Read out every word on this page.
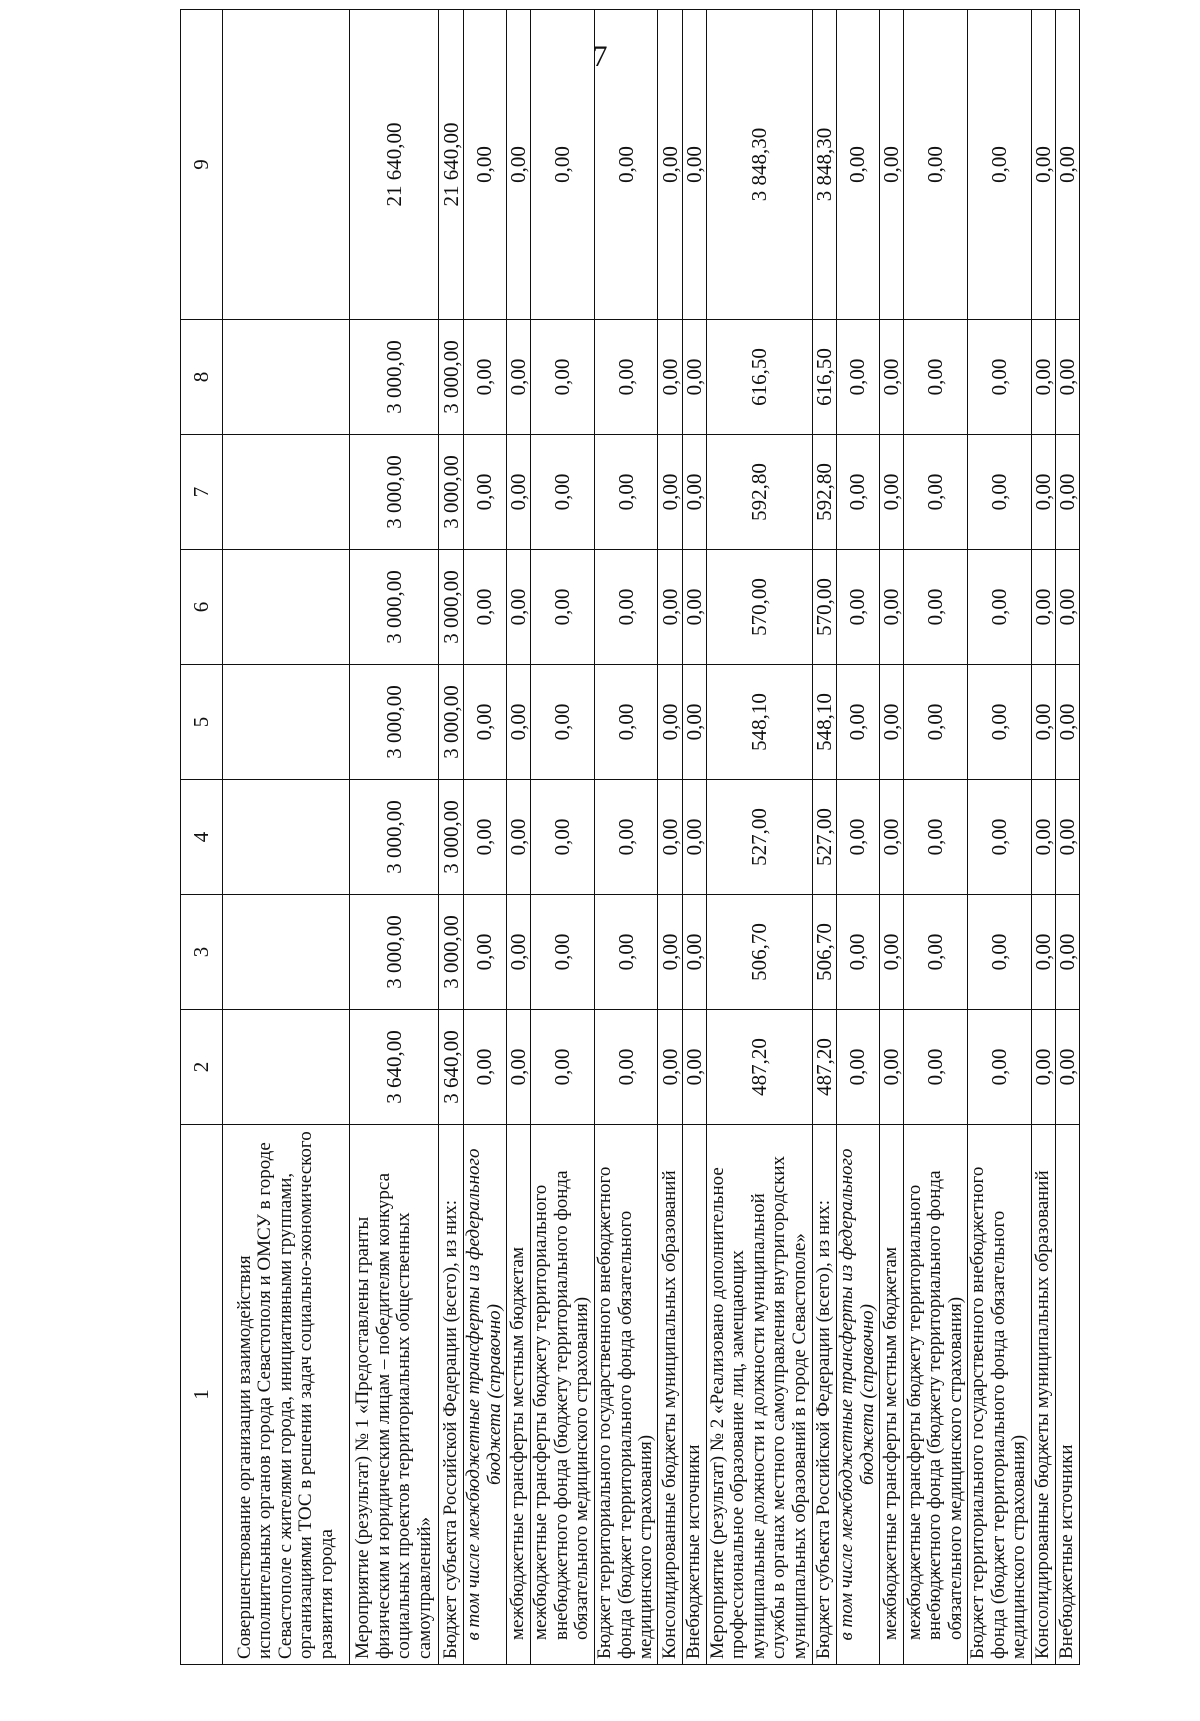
7
1	2	3	4	5	6	7	8	9
Совершенствование организации взаимодействия исполнительных органов города Севастополя и ОМСУ в городе Севастополе с жителями города, инициативными группами, организациями ТОС в решении задач социально-экономического развития города								
Мероприятие (результат) № 1 «Предоставлены гранты физическим и юридическим лицам – победителям конкурса социальных проектов территориальных общественных самоуправлений»	3 640,00	3 000,00	3 000,00	3 000,00	3 000,00	3 000,00	3 000,00	21 640,00
Бюджет субъекта Российской Федерации (всего), из них:	3 640,00	3 000,00	3 000,00	3 000,00	3 000,00	3 000,00	3 000,00	21 640,00
в том числе межбюджетные трансферты из федерального бюджета (справочно)	0,00	0,00	0,00	0,00	0,00	0,00	0,00	0,00
межбюджетные трансферты местным бюджетам	0,00	0,00	0,00	0,00	0,00	0,00	0,00	0,00
межбюджетные трансферты бюджету территориального внебюджетного фонда (бюджету территориального фонда обязательного медицинского страхования)	0,00	0,00	0,00	0,00	0,00	0,00	0,00	0,00
Бюджет территориального государственного внебюджетного фонда (бюджет территориального фонда обязательного медицинского страхования)	0,00	0,00	0,00	0,00	0,00	0,00	0,00	0,00
Консолидированные бюджеты муниципальных образований	0,00	0,00	0,00	0,00	0,00	0,00	0,00	0,00
Внебюджетные источники	0,00	0,00	0,00	0,00	0,00	0,00	0,00	0,00
Мероприятие (результат) № 2 «Реализовано дополнительное профессиональное образование лиц, замещающих муниципальные должности и должности муниципальной службы в органах местного самоуправления внутригородских муниципальных образований в городе Севастополе»	487,20	506,70	527,00	548,10	570,00	592,80	616,50	3 848,30
Бюджет субъекта Российской Федерации (всего), из них:	487,20	506,70	527,00	548,10	570,00	592,80	616,50	3 848,30
в том числе межбюджетные трансферты из федерального бюджета (справочно)	0,00	0,00	0,00	0,00	0,00	0,00	0,00	0,00
межбюджетные трансферты местным бюджетам	0,00	0,00	0,00	0,00	0,00	0,00	0,00	0,00
межбюджетные трансферты бюджету территориального внебюджетного фонда (бюджету территориального фонда обязательного медицинского страхования)	0,00	0,00	0,00	0,00	0,00	0,00	0,00	0,00
Бюджет территориального государственного внебюджетного фонда (бюджет территориального фонда обязательного медицинского страхования)	0,00	0,00	0,00	0,00	0,00	0,00	0,00	0,00
Консолидированные бюджеты муниципальных образований	0,00	0,00	0,00	0,00	0,00	0,00	0,00	0,00
Внебюджетные источники	0,00	0,00	0,00	0,00	0,00	0,00	0,00	0,00
